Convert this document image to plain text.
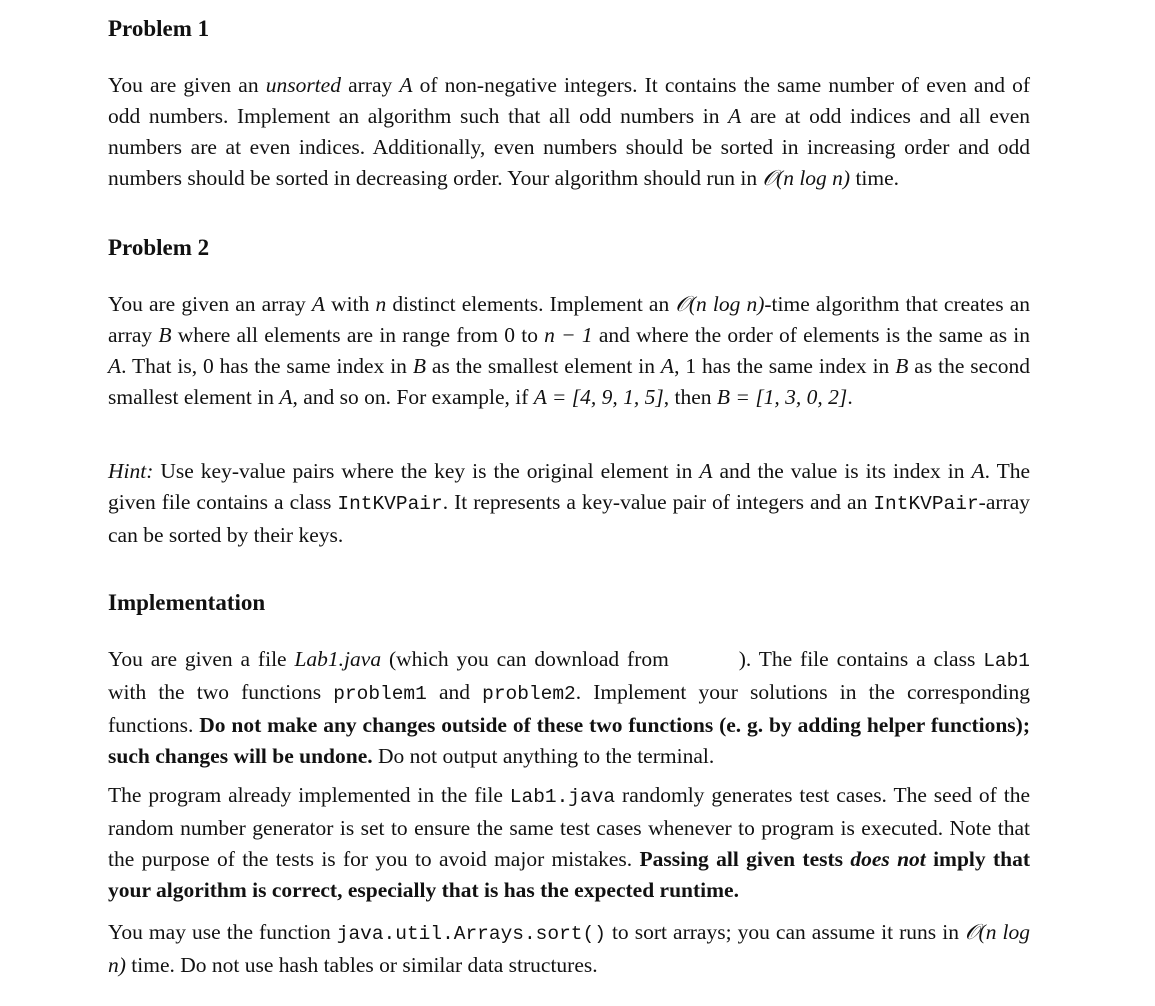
Problem 1

You are given an unsorted array A of non-negative integers. It contains the same number of even and of odd numbers. Implement an algorithm such that all odd numbers in A are at odd indices and all even numbers are at even indices. Additionally, even numbers should be sorted in increasing order and odd numbers should be sorted in decreasing order. Your algorithm should run in 𝒪(n log n) time.

Problem 2

You are given an array A with n distinct elements. Implement an 𝒪(n log n)-time algorithm that creates an array B where all elements are in range from 0 to n − 1 and where the order of elements is the same as in A. That is, 0 has the same index in B as the smallest element in A, 1 has the same index in B as the second smallest element in A, and so on. For example, if A = [4, 9, 1, 5], then B = [1, 3, 0, 2].

Hint: Use key-value pairs where the key is the original element in A and the value is its index in A. The given file contains a class IntKVPair. It represents a key-value pair of integers and an IntKVPair-array can be sorted by their keys.

Implementation

You are given a file Lab1.java (which you can download from	). The file contains a class Lab1 with the two functions problem1 and problem2. Implement your solutions in the corresponding functions. Do not make any changes outside of these two functions (e. g. by adding helper functions); such changes will be undone. Do not output anything to the terminal.

The program already implemented in the file Lab1.java randomly generates test cases. The seed of the random number generator is set to ensure the same test cases whenever to program is executed. Note that the purpose of the tests is for you to avoid major mistakes. Passing all given tests does not imply that your algorithm is correct, especially that is has the expected runtime.

You may use the function java.util.Arrays.sort() to sort arrays; you can assume it runs in 𝒪(n log n) time. Do not use hash tables or similar data structures.
